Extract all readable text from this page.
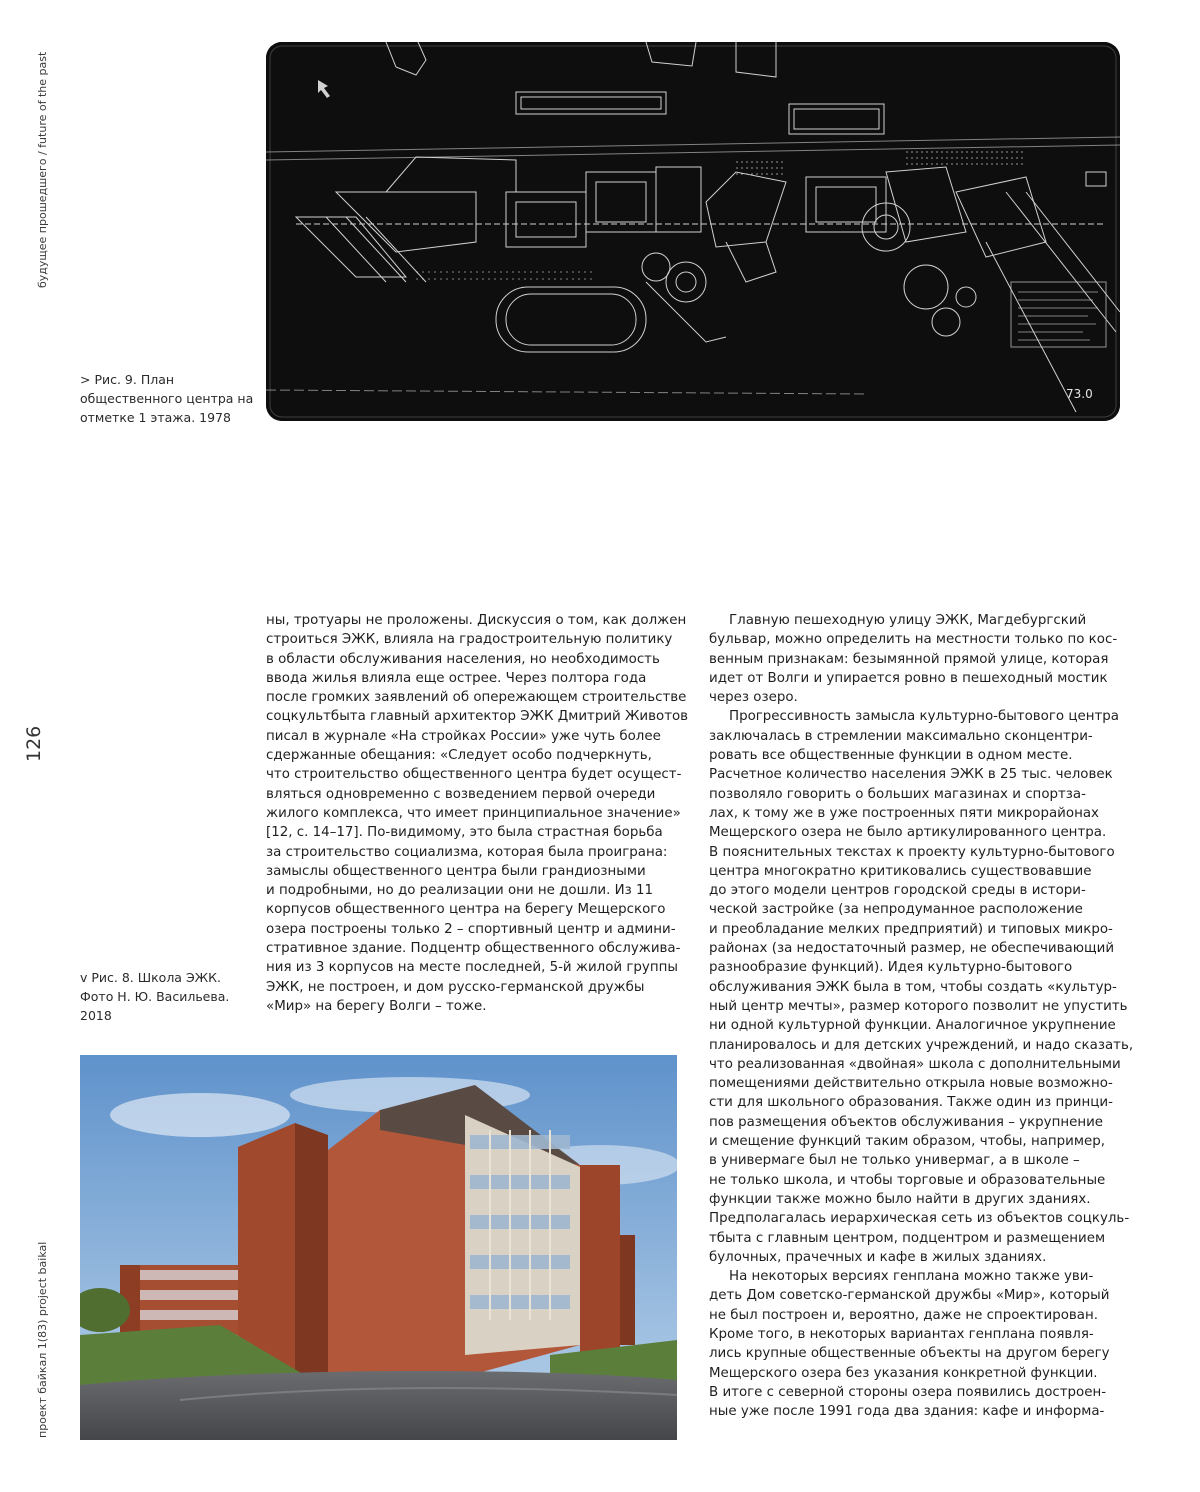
будущее прошедшего / future of the past
126
проект байкал 1(83) project baikal
> Рис. 9. План
общественного центра на
отметке 1 этажа. 1978
73.0
ны, тротуары не проложены. Дискуссия о том, как должен
строиться ЭЖК, влияла на градостроительную политику
в области обслуживания населения, но необходимость
ввода жилья влияла еще острее. Через полтора года
после громких заявлений об опережающем строительстве
соцкультбыта главный архитектор ЭЖК Дмитрий Животов
писал в журнале «На стройках России» уже чуть более
сдержанные обещания: «Следует особо подчеркнуть,
что строительство общественного центра будет осущест-
вляться одновременно с возведением первой очереди
жилого комплекса, что имеет принципиальное значение»
[12, с. 14–17]. По-видимому, это была страстная борьба
за строительство социализма, которая была проиграна:
замыслы общественного центра были грандиозными
и подробными, но до реализации они не дошли. Из 11
корпусов общественного центра на берегу Мещерского
озера построены только 2 – спортивный центр и админи-
стративное здание. Подцентр общественного обслужива-
ния из 3 корпусов на месте последней, 5-й жилой группы
ЭЖК, не построен, и дом русско-германской дружбы
«Мир» на берегу Волги – тоже.
Главную пешеходную улицу ЭЖК, Магдебургский
бульвар, можно определить на местности только по кос-
венным признакам: безымянной прямой улице, которая
идет от Волги и упирается ровно в пешеходный мостик
через озеро.
Прогрессивность замысла культурно-бытового центра
заключалась в стремлении максимально сконцентри-
ровать все общественные функции в одном месте.
Расчетное количество населения ЭЖК в 25 тыс. человек
позволяло говорить о больших магазинах и спортза-
лах, к тому же в уже построенных пяти микрорайонах
Мещерского озера не было артикулированного центра.
В пояснительных текстах к проекту культурно-бытового
центра многократно критиковались существовавшие
до этого модели центров городской среды в истори-
ческой застройке (за непродуманное расположение
и преобладание мелких предприятий) и типовых микро-
районах (за недостаточный размер, не обеспечивающий
разнообразие функций). Идея культурно-бытового
обслуживания ЭЖК была в том, чтобы создать «культур-
ный центр мечты», размер которого позволит не упустить
ни одной культурной функции. Аналогичное укрупнение
планировалось и для детских учреждений, и надо сказать,
что реализованная «двойная» школа с дополнительными
помещениями действительно открыла новые возможно-
сти для школьного образования. Также один из принци-
пов размещения объектов обслуживания – укрупнение
и смещение функций таким образом, чтобы, например,
в универмаге был не только универмаг, а в школе –
не только школа, и чтобы торговые и образовательные
функции также можно было найти в других зданиях.
Предполагалась иерархическая сеть из объектов соцкуль-
тбыта с главным центром, подцентром и размещением
булочных, прачечных и кафе в жилых зданиях.
На некоторых версиях генплана можно также уви-
деть Дом советско-германской дружбы «Мир», который
не был построен и, вероятно, даже не спроектирован.
Кроме того, в некоторых вариантах генплана появля-
лись крупные общественные объекты на другом берегу
Мещерского озера без указания конкретной функции.
В итоге с северной стороны озера появились достроен-
ные уже после 1991 года два здания: кафе и информа-
v Рис. 8. Школа ЭЖК.
Фото Н. Ю. Васильева.
2018
